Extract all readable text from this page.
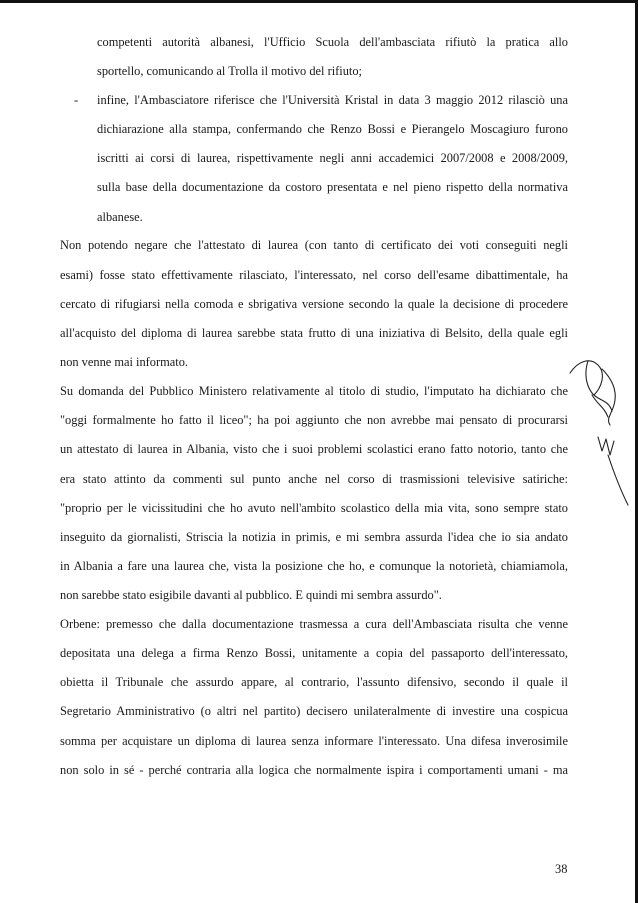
competenti autorità albanesi, l'Ufficio Scuola dell'ambasciata rifiutò la pratica allo

sportello, comunicando al Trolla il motivo del rifiuto;

- infine, l'Ambasciatore riferisce che l'Università Kristal in data 3 maggio 2012 rilasciò una

dichiarazione alla stampa, confermando che Renzo Bossi e Pierangelo Moscagiuro furono

iscritti ai corsi di laurea, rispettivamente negli anni accademici 2007/2008 e 2008/2009,

sulla base della documentazione da costoro presentata e nel pieno rispetto della normativa

albanese.

Non potendo negare che l'attestato di laurea (con tanto di certificato dei voti conseguiti negli

esami) fosse stato effettivamente rilasciato, l'interessato, nel corso dell'esame dibattimentale, ha

cercato di rifugiarsi nella comoda e sbrigativa versione secondo la quale la decisione di procedere

all'acquisto del diploma di laurea sarebbe stata frutto di una iniziativa di Belsito, della quale egli

non venne mai informato.

Su domanda del Pubblico Ministero relativamente al titolo di studio, l'imputato ha dichiarato che

"oggi formalmente ho fatto il liceo"; ha poi aggiunto che non avrebbe mai pensato di procurarsi

un attestato di laurea in Albania, visto che i suoi problemi scolastici erano fatto notorio, tanto che

era stato attinto da commenti sul punto anche nel corso di trasmissioni televisive satiriche:

"proprio per le vicissitudini che ho avuto nell'ambito scolastico della mia vita, sono sempre stato

inseguito da giornalisti, Striscia la notizia in primis, e mi sembra assurda l'idea che io sia andato

in Albania a fare una laurea che, vista la posizione che ho, e comunque la notorietà, chiamiamola,

non sarebbe stato esigibile davanti al pubblico. E quindi mi sembra assurdo".

Orbene: premesso che dalla documentazione trasmessa a cura dell'Ambasciata risulta che venne

depositata una delega a firma Renzo Bossi, unitamente a copia del passaporto dell'interessato,

obietta il Tribunale che assurdo appare, al contrario, l'assunto difensivo, secondo il quale il

Segretario Amministrativo (o altri nel partito) decisero unilateralmente di investire una cospicua

somma per acquistare un diploma di laurea senza informare l'interessato. Una difesa inverosimile

non solo in sé - perché contraria alla logica che normalmente ispira i comportamenti umani - ma

38
